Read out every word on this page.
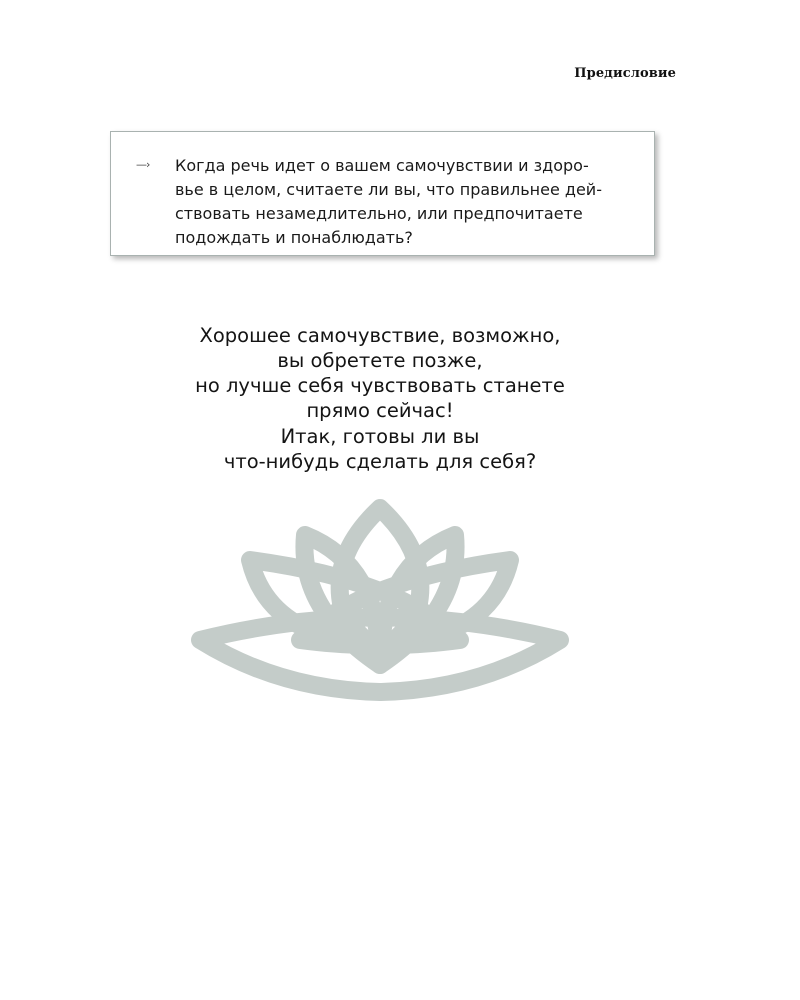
Предисловие
—› Когда речь идет о вашем самочувствии и здоро-
вье в целом, считаете ли вы, что правильнее дей-
ствовать незамедлительно, или предпочитаете
подождать и понаблюдать?
Хорошее самочувствие, возможно,
вы обретете позже,
но лучше себя чувствовать станете
прямо сейчас!
Итак, готовы ли вы
что-нибудь сделать для себя?
